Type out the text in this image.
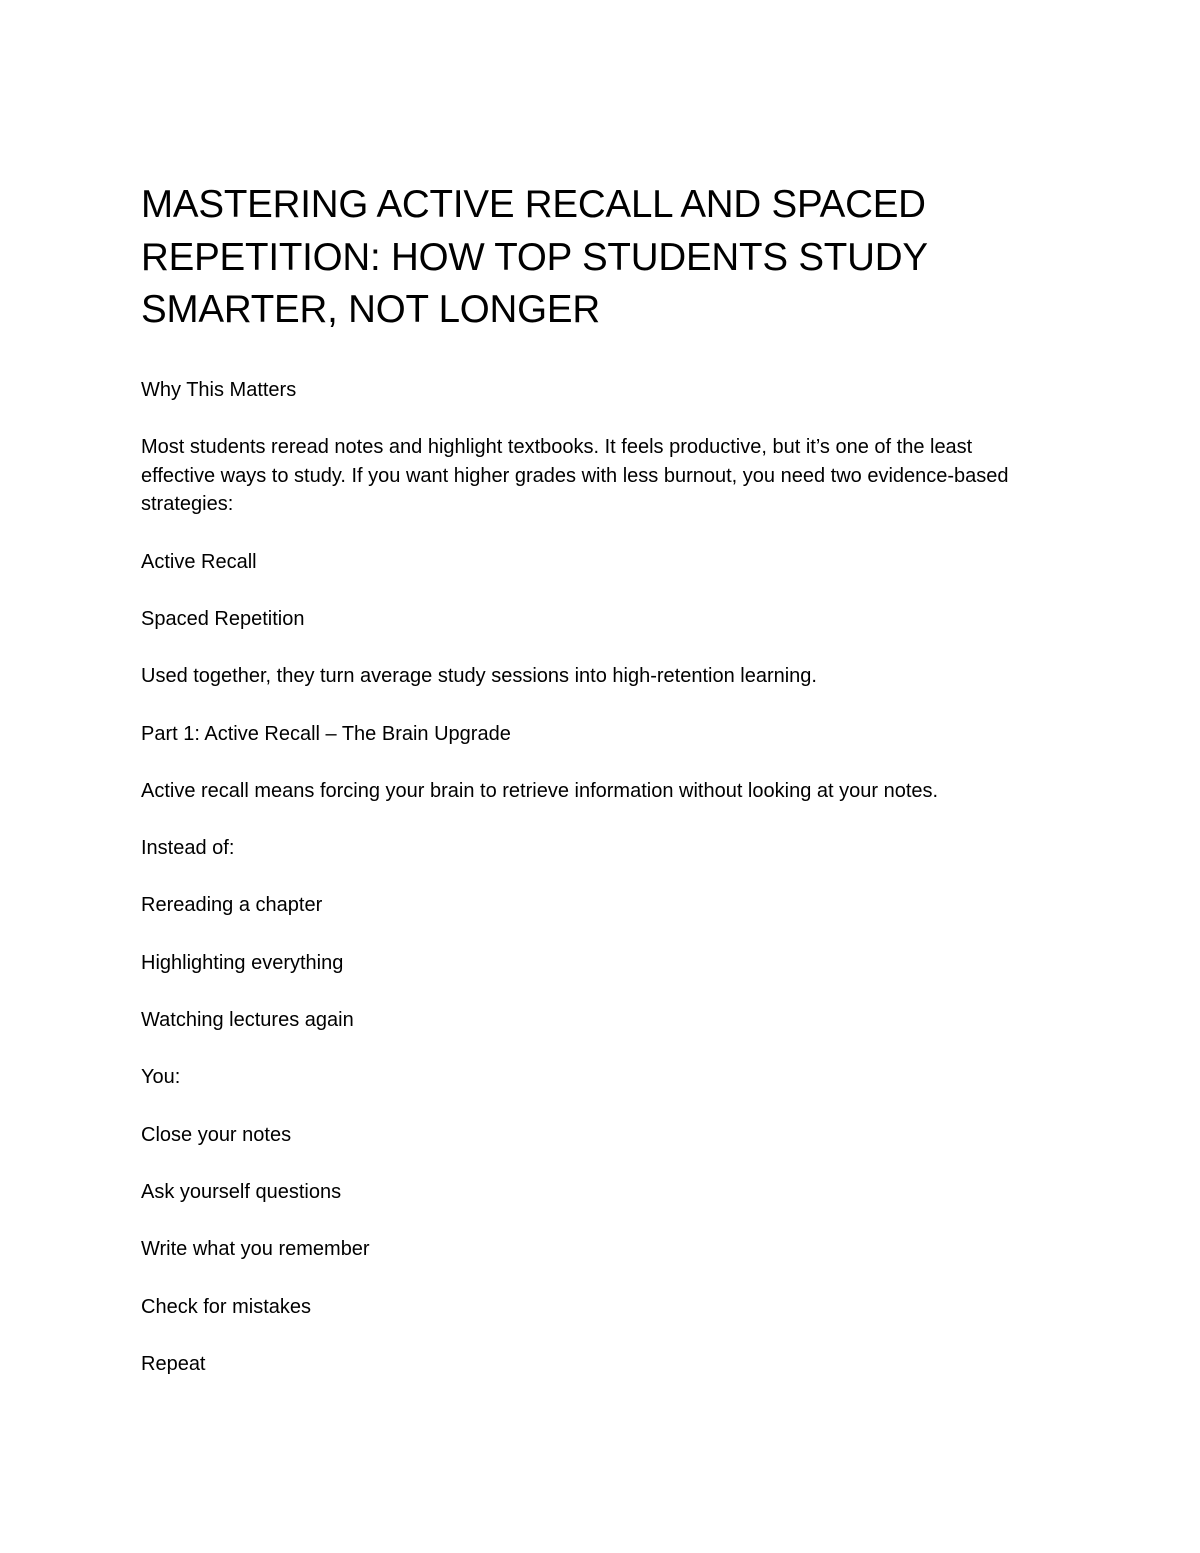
MASTERING ACTIVE RECALL AND SPACED REPETITION: HOW TOP STUDENTS STUDY SMARTER, NOT LONGER

Why This Matters

Most students reread notes and highlight textbooks. It feels productive, but it’s one of the least effective ways to study. If you want higher grades with less burnout, you need two evidence-based strategies:

Active Recall

Spaced Repetition

Used together, they turn average study sessions into high-retention learning.

Part 1: Active Recall – The Brain Upgrade

Active recall means forcing your brain to retrieve information without looking at your notes.

Instead of:

Rereading a chapter

Highlighting everything

Watching lectures again

You:

Close your notes

Ask yourself questions

Write what you remember

Check for mistakes

Repeat
